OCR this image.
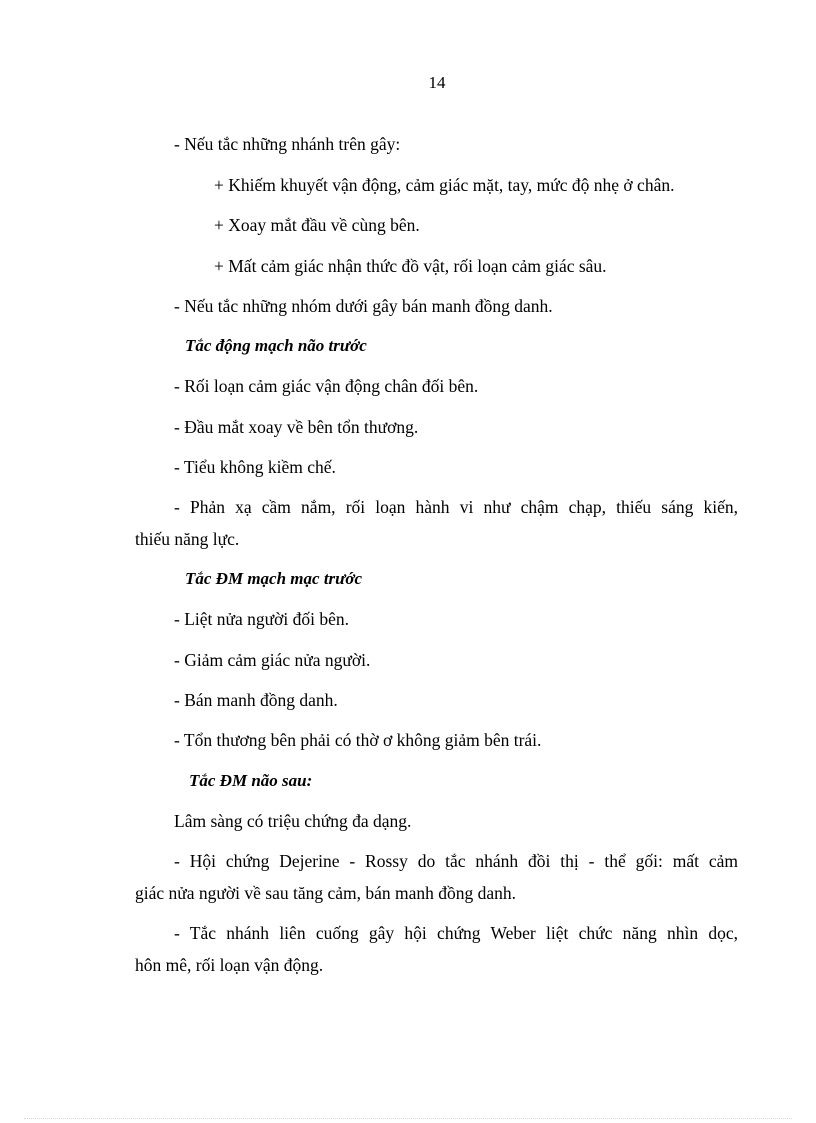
14
- Nếu tắc những nhánh trên gây:
+ Khiếm khuyết vận động, cảm giác mặt, tay, mức độ nhẹ ở chân.
+ Xoay mắt đầu về cùng bên.
+ Mất cảm giác nhận thức đồ vật, rối loạn cảm giác sâu.
- Nếu tắc những nhóm dưới gây bán manh đồng danh.
Tắc động mạch não trước
- Rối loạn cảm giác vận động chân đối bên.
- Đầu mắt xoay về bên tổn thương.
- Tiểu không kiềm chế.
- Phản xạ cầm nắm, rối loạn hành vi như chậm chạp, thiếu sáng kiến,
thiếu năng lực.
Tắc ĐM mạch mạc trước
- Liệt nửa người đối bên.
- Giảm cảm giác nửa người.
- Bán manh đồng danh.
- Tổn thương bên phải có thờ ơ không giảm bên trái.
Tắc ĐM não sau:
Lâm sàng có triệu chứng đa dạng.
- Hội chứng Dejerine - Rossy do tắc nhánh đồi thị - thể gối: mất cảm
giác nửa người về sau tăng cảm, bán manh đồng danh.
- Tắc nhánh liên cuống gây hội chứng Weber liệt chức năng nhìn dọc,
hôn mê, rối loạn vận động.
